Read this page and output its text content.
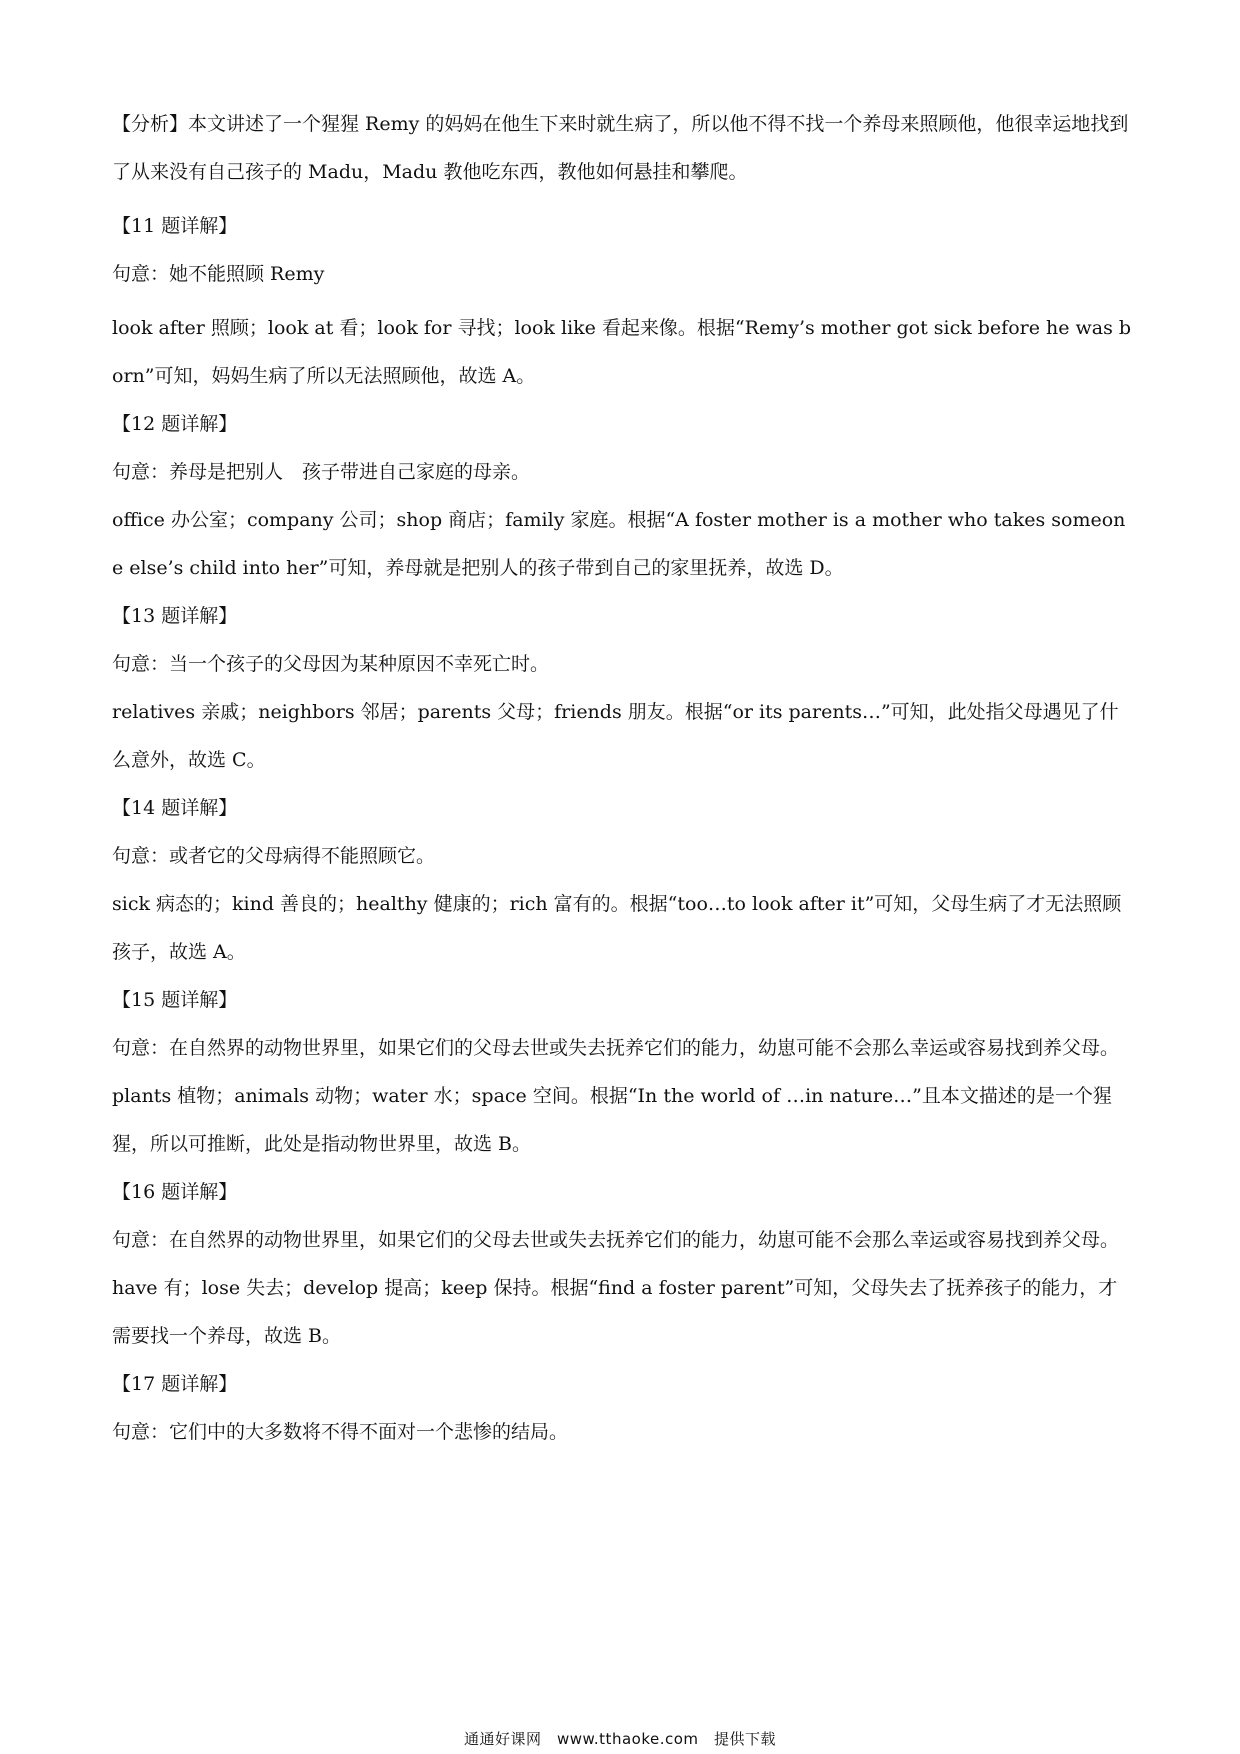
【分析】本文讲述了一个猩猩 Remy 的妈妈在他生下来时就生病了，所以他不得不找一个养母来照顾他，他很幸运地找到了从来没有自己孩子的 Madu，Madu 教他吃东西，教他如何悬挂和攀爬。

【11 题详解】

句意：她不能照顾 Remy

look after 照顾；look at 看；look for 寻找；look like 看起来像。根据“Remy’s mother got sick before he was born”可知，妈妈生病了所以无法照顾他，故选 A。

【12 题详解】

句意：养母是把别人　孩子带进自己家庭的母亲。

office 办公室；company 公司；shop 商店；family 家庭。根据“A foster mother is a mother who takes someone else’s child into her”可知，养母就是把别人的孩子带到自己的家里抚养，故选 D。

【13 题详解】

句意：当一个孩子的父母因为某种原因不幸死亡时。

relatives 亲戚；neighbors 邻居；parents 父母；friends 朋友。根据“or its parents…”可知，此处指父母遇见了什么意外，故选 C。

【14 题详解】

句意：或者它的父母病得不能照顾它。

sick 病态的；kind 善良的；healthy 健康的；rich 富有的。根据“too…to look after it”可知，父母生病了才无法照顾孩子，故选 A。

【15 题详解】

句意：在自然界的动物世界里，如果它们的父母去世或失去抚养它们的能力，幼崽可能不会那么幸运或容易找到养父母。

plants 植物；animals 动物；water 水；space 空间。根据“In the world of …in nature…”且本文描述的是一个猩猩，所以可推断，此处是指动物世界里，故选 B。

【16 题详解】

句意：在自然界的动物世界里，如果它们的父母去世或失去抚养它们的能力，幼崽可能不会那么幸运或容易找到养父母。

have 有；lose 失去；develop 提高；keep 保持。根据“find a foster parent”可知，父母失去了抚养孩子的能力，才需要找一个养母，故选 B。

【17 题详解】

句意：它们中的大多数将不得不面对一个悲惨的结局。

通通好课网　www.tthaoke.com　提供下载
